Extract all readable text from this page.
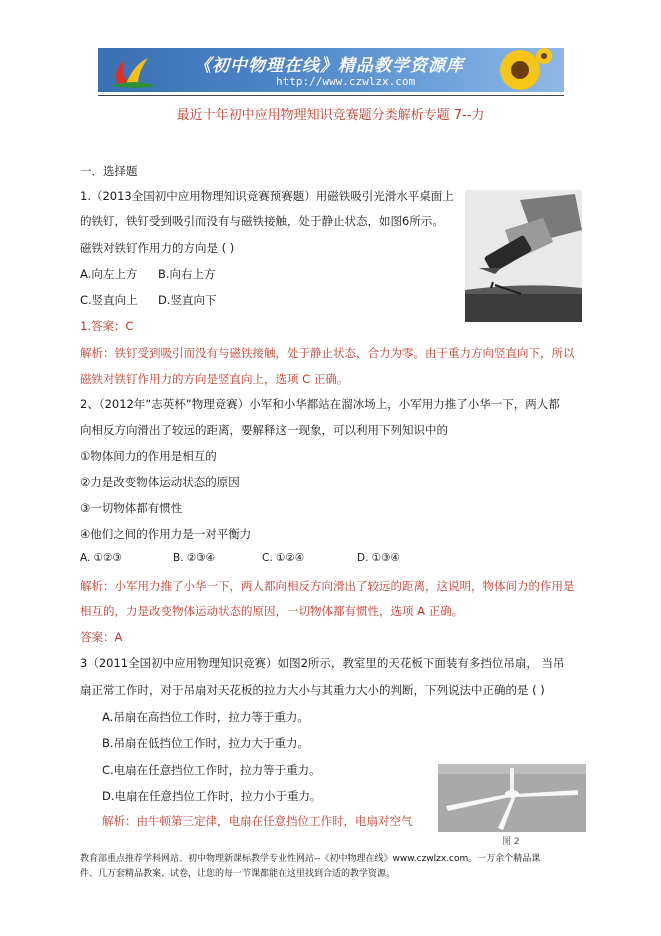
《初中物理在线》精品教学资源库
http://www.czwlzx.com
最近十年初中应用物理知识竞赛题分类解析专题 7--力
一．选择题
1.（2013全国初中应用物理知识竞赛预赛题）用磁铁吸引光滑水平桌面上
的铁钉，铁钉受到吸引而没有与磁铁接触，处于静止状态，如图6所示。
磁铁对铁钉作用力的方向是 ( )
A.向左上方 B.向右上方
C.竖直向上 D.竖直向下
1.答案：C
解析：铁钉受到吸引而没有与磁铁接触，处于静止状态，合力为零。由于重力方向竖直向下，所以
磁铁对铁钉作用力的方向是竖直向上，选项 C 正确。
2、（2012年“志英杯”物理竞赛）小军和小华都站在溜冰场上，小军用力推了小华一下，两人都
向相反方向滑出了较远的距离，要解释这一现象，可以利用下列知识中的
①物体间力的作用是相互的
②力是改变物体运动状态的原因
③一切物体都有惯性
④他们之间的作用力是一对平衡力
A. ①②③	B. ②③④	C. ①②④	D. ①③④
解析：小军用力推了小华一下，两人都向相反方向滑出了较远的距离，这说明，物体间力的作用是
相互的，力是改变物体运动状态的原因，一切物体都有惯性，选项 A 正确。
答案：A
3（2011全国初中应用物理知识竞赛）如图2所示，教室里的天花板下面装有多挡位吊扇， 当吊
扇正常工作时，对于吊扇对天花板的拉力大小与其重力大小的判断，下列说法中正确的是 ( )
A.吊扇在高挡位工作时，拉力等于重力。
B.吊扇在低挡位工作时，拉力大于重力。
C.电扇在任意挡位工作时，拉力等于重力。
D.电扇在任意挡位工作时，拉力小于重力。
解析：由牛顿第三定律，电扇在任意挡位工作时，电扇对空气
图 2
教育部重点推荐学科网站、初中物理新课标教学专业性网站--《初中物理在线》www.czwlzx.com。一万余个精品课
件、几万套精品教案、试卷，让您的每一节课都能在这里找到合适的教学资源。
